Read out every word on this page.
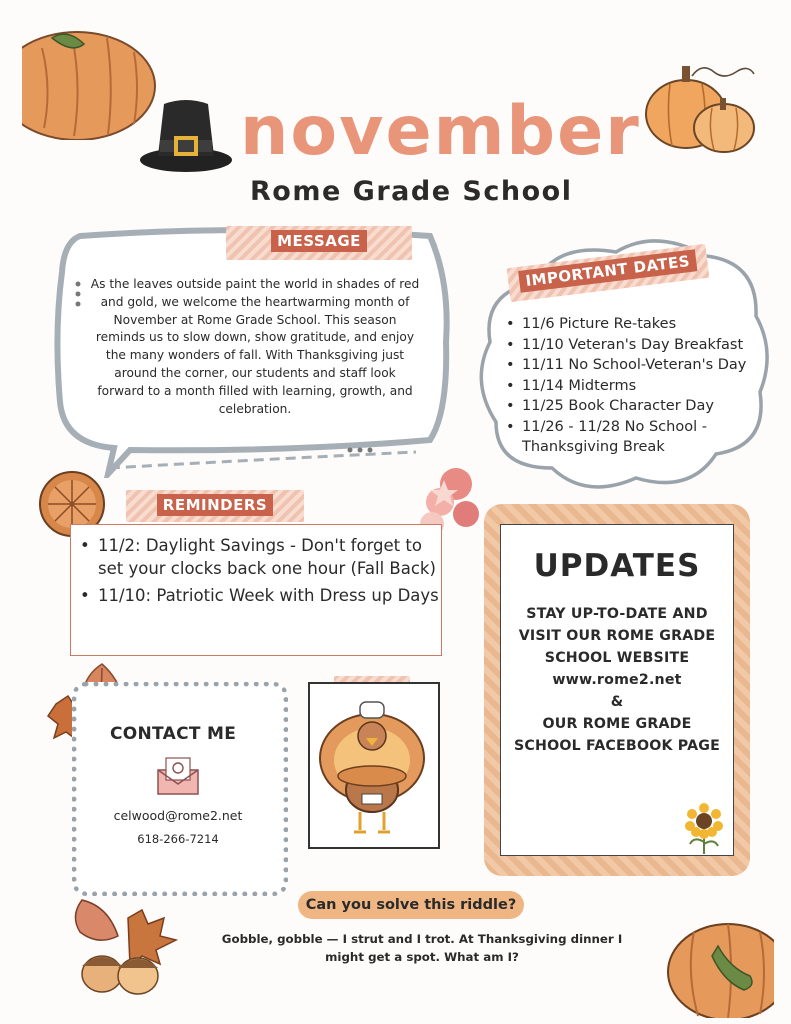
november
Rome Grade School
MESSAGE
As the leaves outside paint the world in shades of red and gold, we welcome the heartwarming month of November at Rome Grade School. This season reminds us to slow down, show gratitude, and enjoy the many wonders of fall. With Thanksgiving just around the corner, our students and staff look forward to a month filled with learning, growth, and celebration.
IMPORTANT DATES
• 11/6 Picture Re-takes
• 11/10 Veteran's Day Breakfast
• 11/11 No School-Veteran's Day
• 11/14 Midterms
• 11/25 Book Character Day
• 11/26 - 11/28 No School - Thanksgiving Break
REMINDERS
• 11/2: Daylight Savings - Don't forget to set your clocks back one hour (Fall Back)
• 11/10: Patriotic Week with Dress up Days
UPDATES
STAY UP-TO-DATE AND VISIT OUR ROME GRADE SCHOOL WEBSITE
www.rome2.net
&
OUR ROME GRADE SCHOOL FACEBOOK PAGE
CONTACT ME
celwood@rome2.net
618-266-7214
Can you solve this riddle?
Gobble, gobble — I strut and I trot. At Thanksgiving dinner I might get a spot. What am I?
